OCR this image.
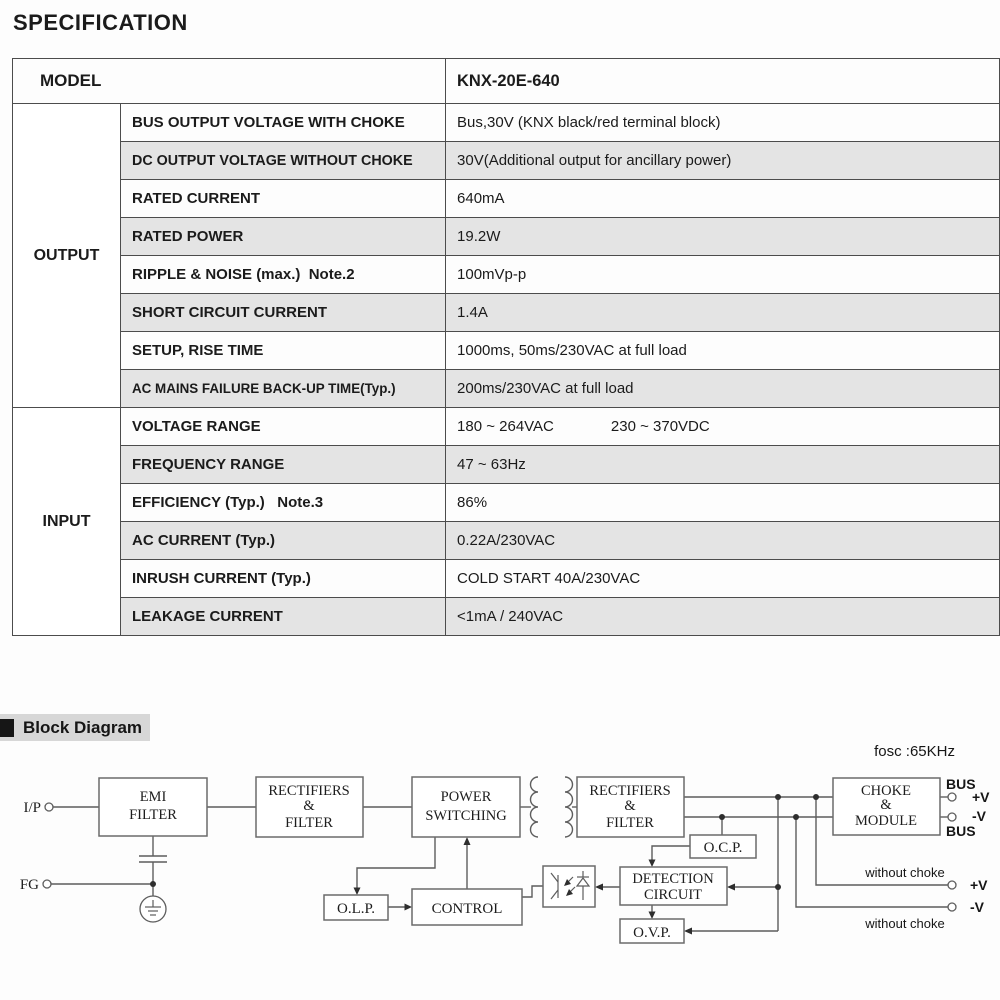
SPECIFICATION
MODEL		KNX-20E-640
OUTPUT	BUS OUTPUT VOLTAGE WITH CHOKE	Bus,30V (KNX black/red terminal block)
	DC OUTPUT VOLTAGE WITHOUT CHOKE	30V(Additional output for ancillary power)
	RATED CURRENT	640mA
	RATED POWER	19.2W
	RIPPLE & NOISE (max.)  Note.2	100mVp-p
	SHORT CIRCUIT CURRENT	1.4A
	SETUP, RISE TIME	1000ms, 50ms/230VAC at full load
	AC MAINS FAILURE BACK-UP TIME(Typ.)	200ms/230VAC at full load
INPUT	VOLTAGE RANGE	180 ~ 264VAC 230 ~ 370VDC
	FREQUENCY RANGE	47 ~ 63Hz
	EFFICIENCY (Typ.)   Note.3	86%
	AC CURRENT (Typ.)	0.22A/230VAC
	INRUSH CURRENT (Typ.)	COLD START 40A/230VAC
	LEAKAGE CURRENT	<1mA / 240VAC
Block Diagram
fosc :65KHz
EMI
FILTER
RECTIFIERS
&
FILTER
POWER
SWITCHING
RECTIFIERS
&
FILTER
CHOKE
&
MODULE
O.C.P.
DETECTION
CIRCUIT
O.V.P.
O.L.P.	CONTROL
I/P
FG
BUS
+V
-V
BUS
without choke
+V
-V
without choke
